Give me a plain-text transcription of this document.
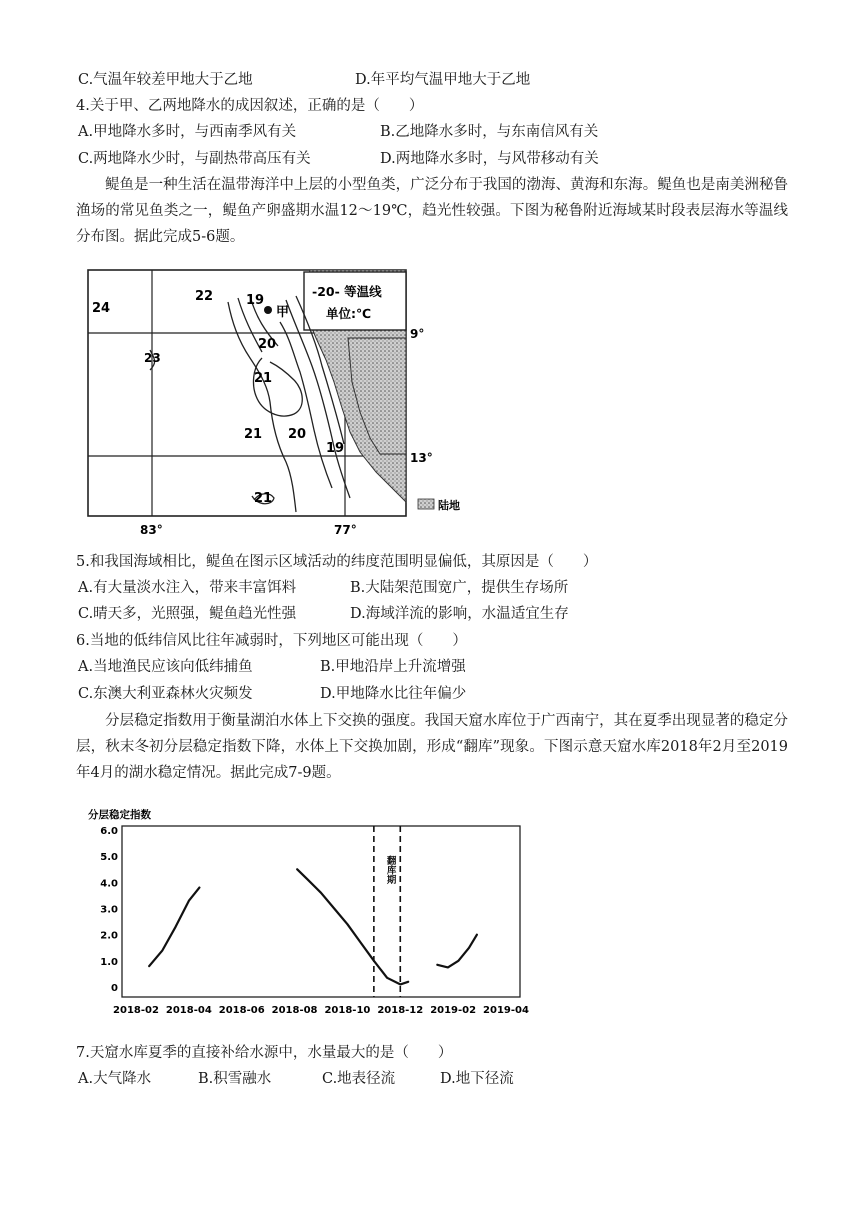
C.气温年较差甲地大于乙地	D.年平均气温甲地大于乙地
4.关于甲、乙两地降水的成因叙述，正确的是（　　）
A.甲地降水多时，与西南季风有关	B.乙地降水多时，与东南信风有关
C.两地降水少时，与副热带高压有关	D.两地降水多时，与风带移动有关
鳀鱼是一种生活在温带海洋中上层的小型鱼类，广泛分布于我国的渤海、黄海和东海。鳀鱼也是南美洲秘鲁渔场的常见鱼类之一，鳀鱼产卵盛期水温12～19℃，趋光性较强。下图为秘鲁附近海域某时段表层海水等温线分布图。据此完成5-6题。
-20- 等温线
单位:℃
甲
24
22	19
20
23
21
21 20
19
21
9°
13°
83°	77°
陆地
5.和我国海域相比，鳀鱼在图示区域活动的纬度范围明显偏低，其原因是（　　）
A.有大量淡水注入，带来丰富饵料	B.大陆架范围宽广，提供生存场所
C.晴天多，光照强，鳀鱼趋光性强	D.海域洋流的影响，水温适宜生存
6.当地的低纬信风比往年减弱时，下列地区可能出现（　　）
A.当地渔民应该向低纬捕鱼	B.甲地沿岸上升流增强
C.东澳大利亚森林火灾频发	D.甲地降水比往年偏少
分层稳定指数用于衡量湖泊水体上下交换的强度。我国天窟水库位于广西南宁，其在夏季出现显著的稳定分层，秋末冬初分层稳定指数下降，水体上下交换加剧，形成“翻库”现象。下图示意天窟水库2018年2月至2019年4月的湖水稳定情况。据此完成7-9题。
分层稳定指数
6.0
5.0
4.0
3.0
2.0
1.0
0
2018-02 2018-04 2018-06 2018-08 2018-10 2018-12 2019-02 2019-04
翻库期
7.天窟水库夏季的直接补给水源中，水量最大的是（　　）
A.大气降水	B.积雪融水	C.地表径流	D.地下径流
